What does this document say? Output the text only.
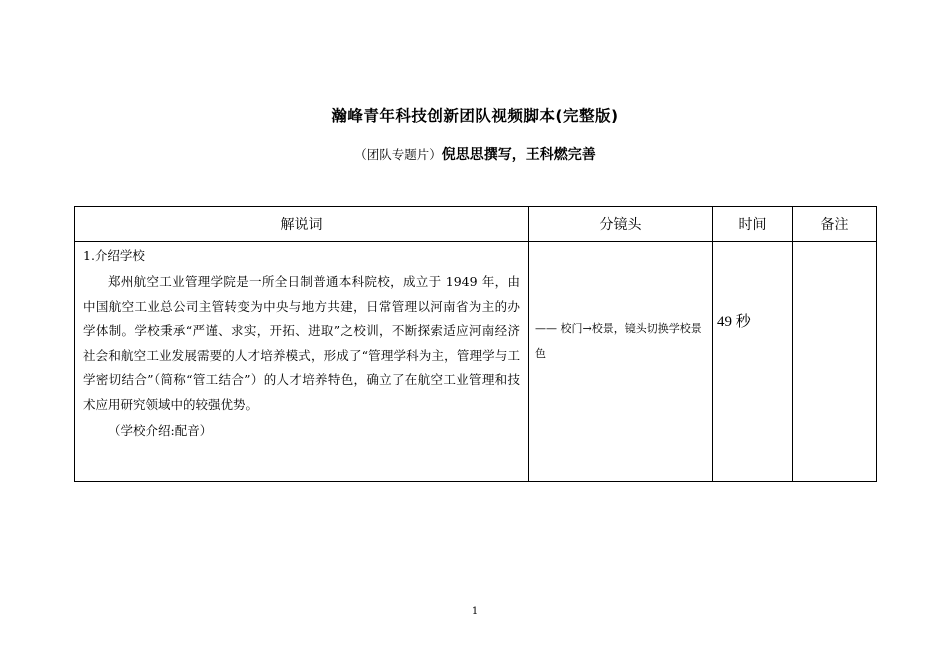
瀚峰青年科技创新团队视频脚本(完整版)
（团队专题片）倪思思撰写，王科燃完善
解说词	分镜头	时间	备注

1.介绍学校
郑州航空工业管理学院是一所全日制普通本科院校，成立于 1949 年，由中国航空工业总公司主管转变为中央与地方共建，日常管理以河南省为主的办学体制。学校秉承“严谨、求实，开拓、进取”之校训，不断探索适应河南经济社会和航空工业发展需要的人才培养模式，形成了“管理学科为主，管理学与工学密切结合”（简称“管工结合”）的人才培养特色，确立了在航空工业管理和技术应用研究领域中的较强优势。
（学校介绍:配音）	—— 校门→校景，镜头切换学校景色	49 秒	

1
